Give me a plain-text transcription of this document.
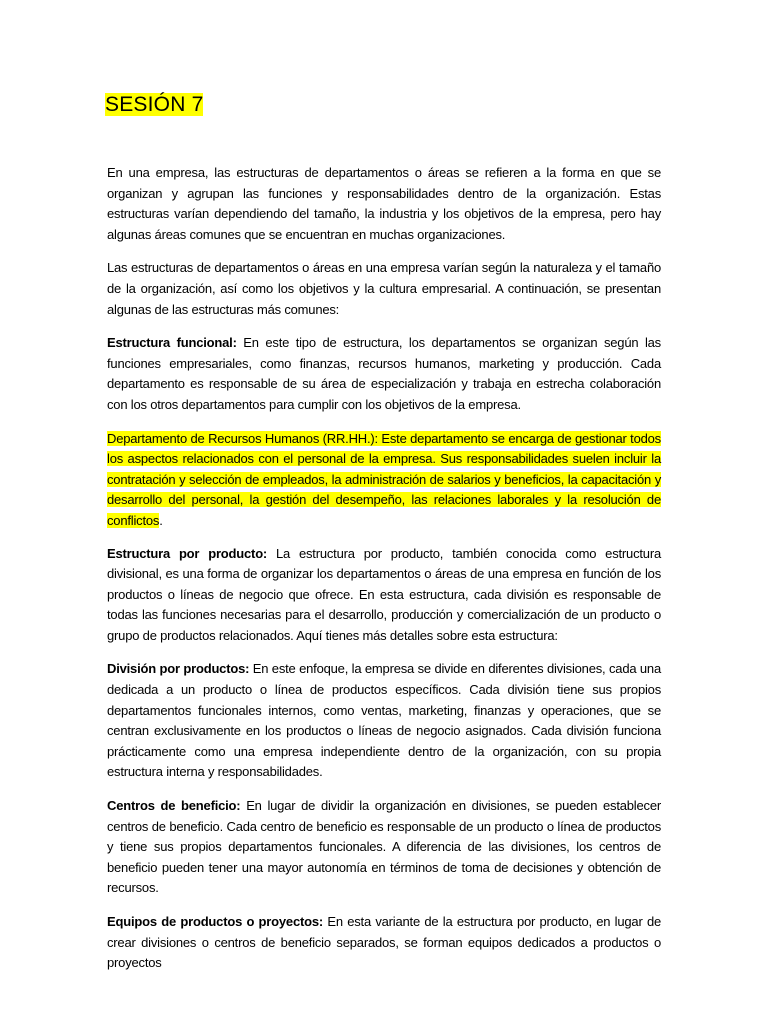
SESIÓN 7

En una empresa, las estructuras de departamentos o áreas se refieren a la forma en que se organizan y agrupan las funciones y responsabilidades dentro de la organización. Estas estructuras varían dependiendo del tamaño, la industria y los objetivos de la empresa, pero hay algunas áreas comunes que se encuentran en muchas organizaciones.

Las estructuras de departamentos o áreas en una empresa varían según la naturaleza y el tamaño de la organización, así como los objetivos y la cultura empresarial. A continuación, se presentan algunas de las estructuras más comunes:

Estructura funcional: En este tipo de estructura, los departamentos se organizan según las funciones empresariales, como finanzas, recursos humanos, marketing y producción. Cada departamento es responsable de su área de especialización y trabaja en estrecha colaboración con los otros departamentos para cumplir con los objetivos de la empresa.

Departamento de Recursos Humanos (RR.HH.): Este departamento se encarga de gestionar todos los aspectos relacionados con el personal de la empresa. Sus responsabilidades suelen incluir la contratación y selección de empleados, la administración de salarios y beneficios, la capacitación y desarrollo del personal, la gestión del desempeño, las relaciones laborales y la resolución de conflictos.

Estructura por producto: La estructura por producto, también conocida como estructura divisional, es una forma de organizar los departamentos o áreas de una empresa en función de los productos o líneas de negocio que ofrece. En esta estructura, cada división es responsable de todas las funciones necesarias para el desarrollo, producción y comercialización de un producto o grupo de productos relacionados. Aquí tienes más detalles sobre esta estructura:

División por productos: En este enfoque, la empresa se divide en diferentes divisiones, cada una dedicada a un producto o línea de productos específicos. Cada división tiene sus propios departamentos funcionales internos, como ventas, marketing, finanzas y operaciones, que se centran exclusivamente en los productos o líneas de negocio asignados. Cada división funciona prácticamente como una empresa independiente dentro de la organización, con su propia estructura interna y responsabilidades.

Centros de beneficio: En lugar de dividir la organización en divisiones, se pueden establecer centros de beneficio. Cada centro de beneficio es responsable de un producto o línea de productos y tiene sus propios departamentos funcionales. A diferencia de las divisiones, los centros de beneficio pueden tener una mayor autonomía en términos de toma de decisiones y obtención de recursos.

Equipos de productos o proyectos: En esta variante de la estructura por producto, en lugar de crear divisiones o centros de beneficio separados, se forman equipos dedicados a productos o proyectos
